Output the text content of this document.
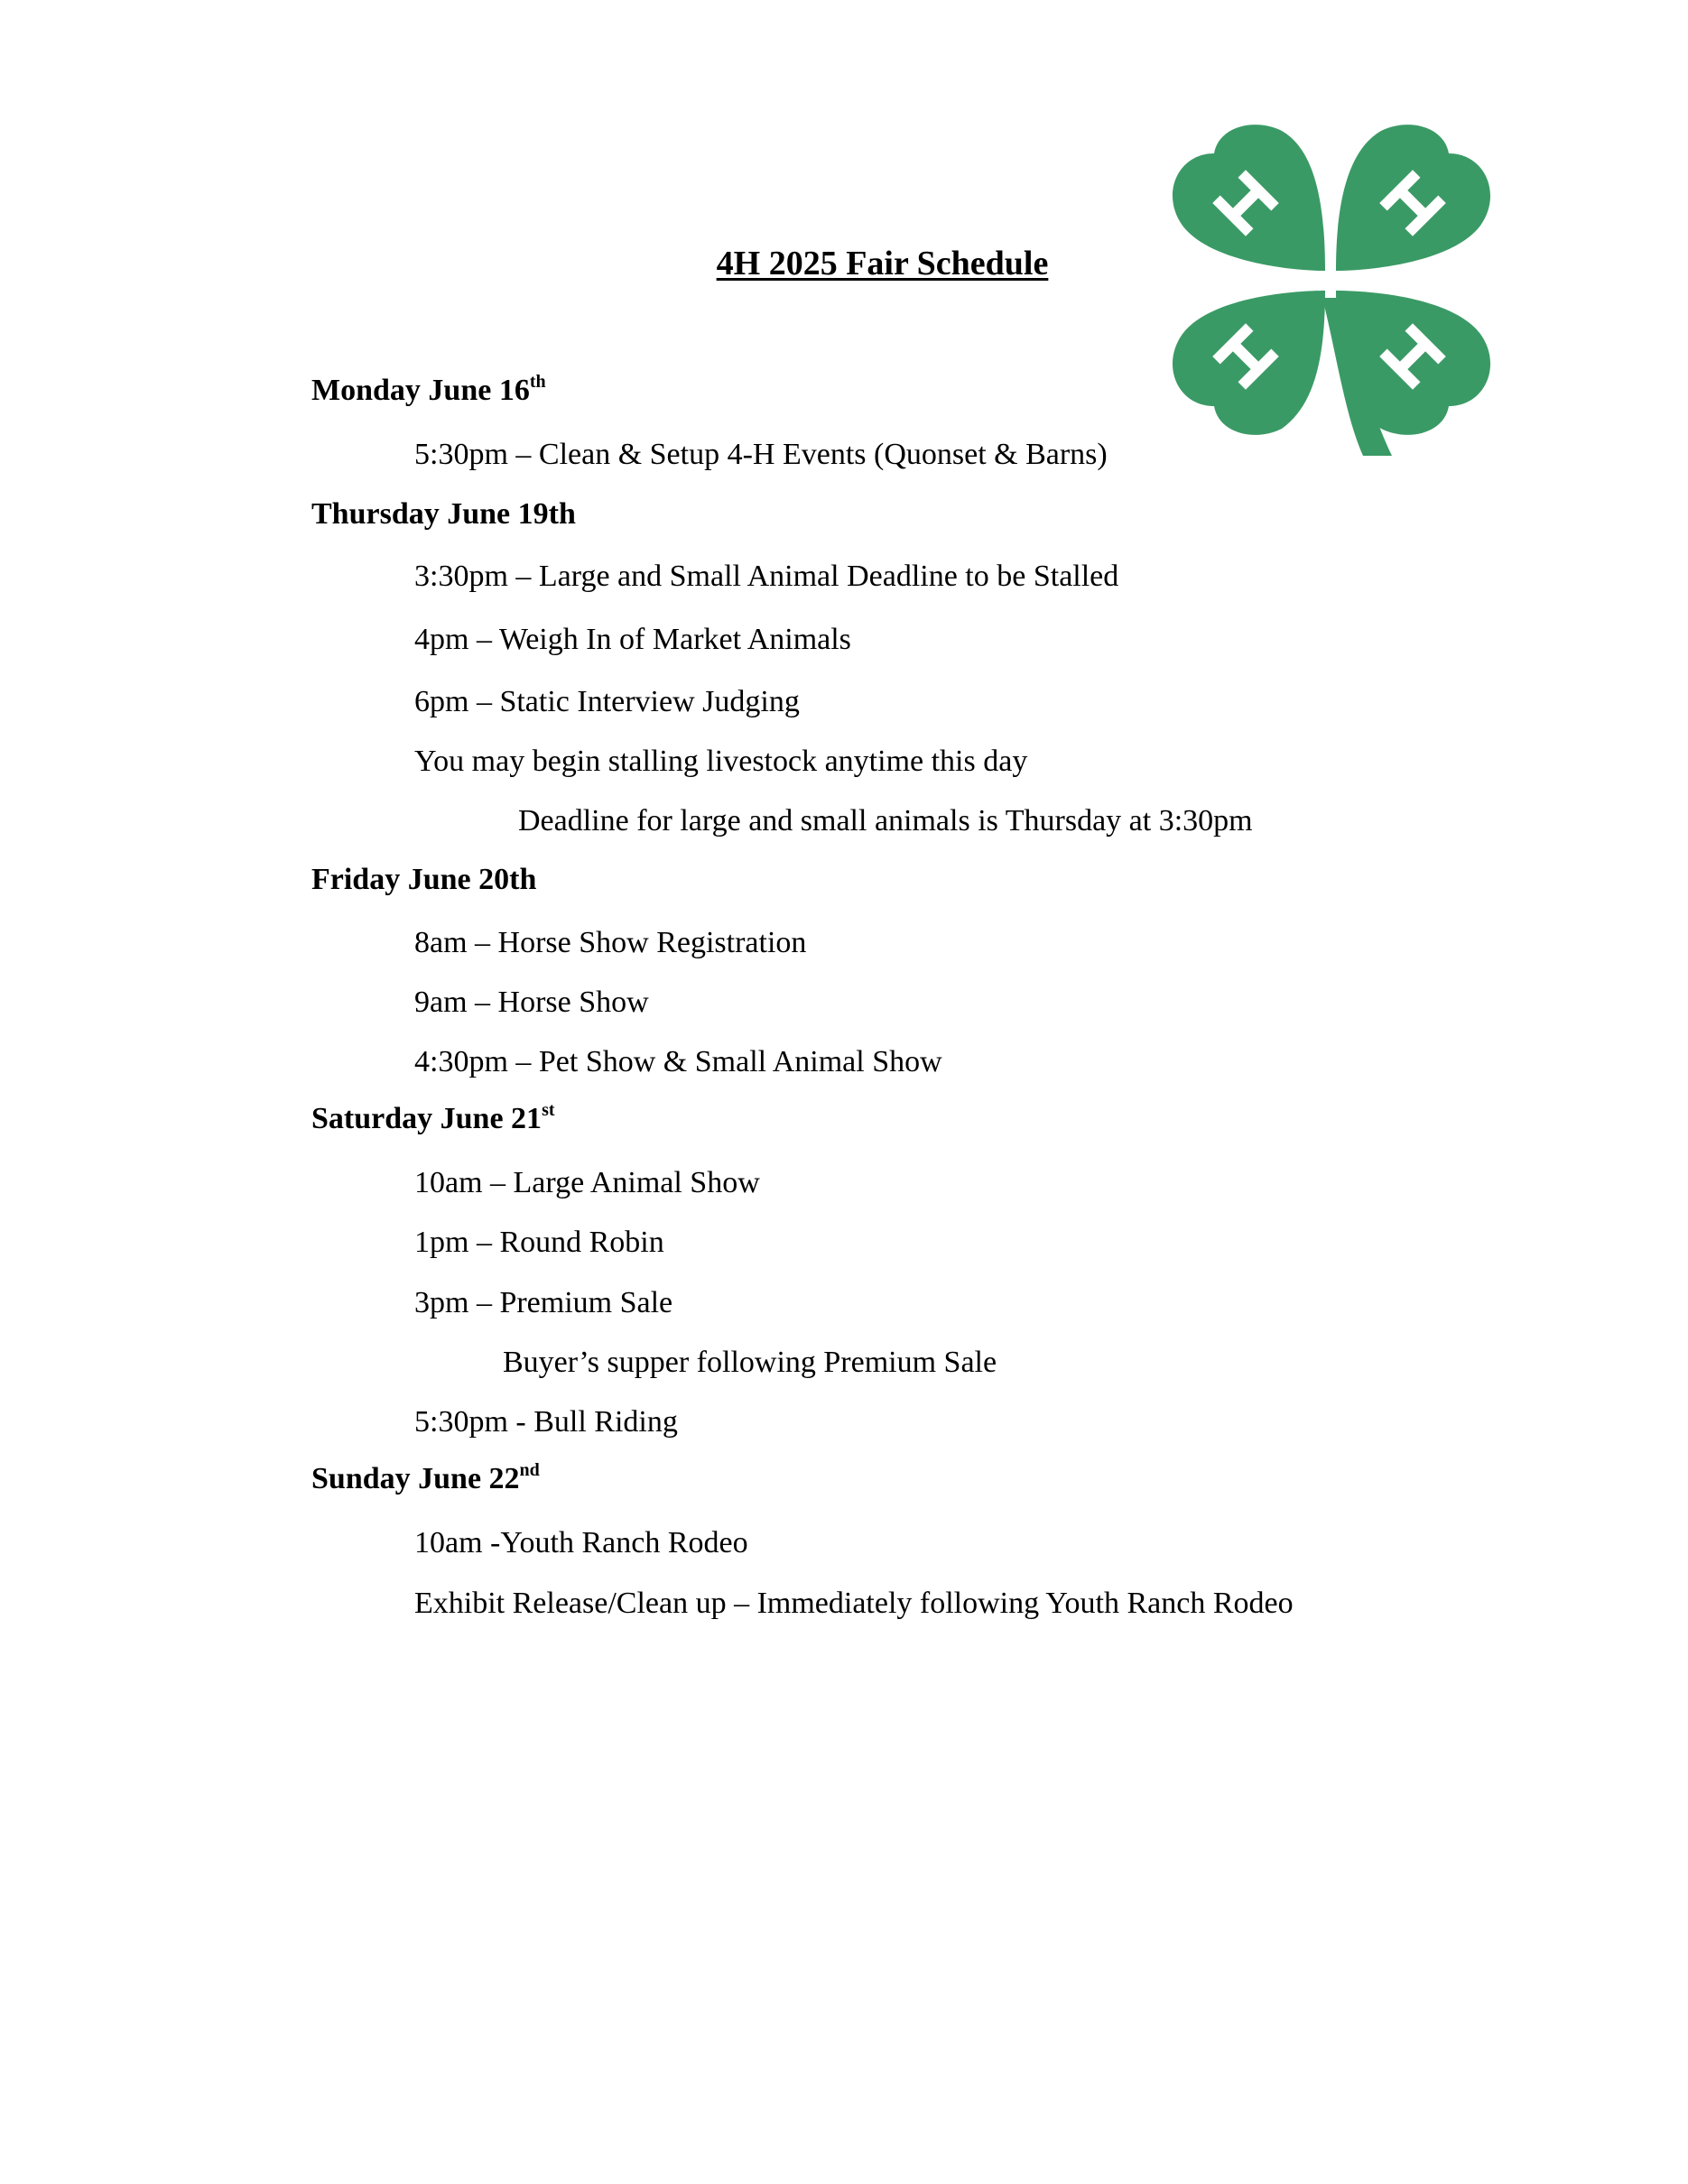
4H 2025 Fair Schedule

Monday June 16th

5:30pm – Clean & Setup 4-H Events (Quonset & Barns)

Thursday June 19th

3:30pm – Large and Small Animal Deadline to be Stalled

4pm – Weigh In of Market Animals

6pm – Static Interview Judging

You may begin stalling livestock anytime this day

Deadline for large and small animals is Thursday at 3:30pm

Friday June 20th

8am – Horse Show Registration

9am – Horse Show

4:30pm – Pet Show & Small Animal Show

Saturday June 21st

10am – Large Animal Show

1pm – Round Robin

3pm – Premium Sale

Buyer’s supper following Premium Sale

5:30pm - Bull Riding

Sunday June 22nd

10am -Youth Ranch Rodeo

Exhibit Release/Clean up – Immediately following Youth Ranch Rodeo
